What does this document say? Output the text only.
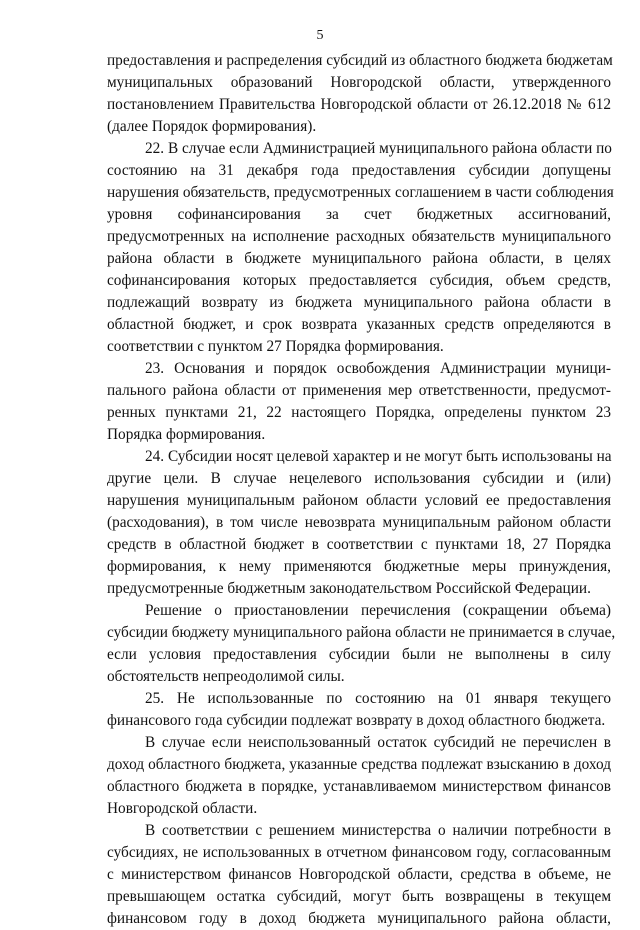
5
предоставления и распределения субсидий из областного бюджета бюджетам
муниципальных образований Новгородской области, утвержденного
постановлением Правительства Новгородской области от 26.12.2018 № 612
(далее Порядок формирования).
22. В случае если Администрацией муниципального района области по
состоянию на 31 декабря года предоставления субсидии допущены
нарушения обязательств, предусмотренных соглашением в части соблюдения
уровня софинансирования за счет бюджетных ассигнований,
предусмотренных на исполнение расходных обязательств муниципального
района области в бюджете муниципального района области, в целях
софинансирования которых предоставляется субсидия, объем средств,
подлежащий возврату из бюджета муниципального района области в
областной бюджет, и срок возврата указанных средств определяются в
соответствии с пунктом 27 Порядка формирования.
23. Основания и порядок освобождения Администрации муници-
пального района области от применения мер ответственности, предусмот-
ренных пунктами 21, 22 настоящего Порядка, определены пунктом 23
Порядка формирования.
24. Субсидии носят целевой характер и не могут быть использованы на
другие цели. В случае нецелевого использования субсидии и (или)
нарушения муниципальным районом области условий ее предоставления
(расходования), в том числе невозврата муниципальным районом области
средств в областной бюджет в соответствии с пунктами 18, 27 Порядка
формирования, к нему применяются бюджетные меры принуждения,
предусмотренные бюджетным законодательством Российской Федерации.
Решение о приостановлении перечисления (сокращении объема)
субсидии бюджету муниципального района области не принимается в случае,
если условия предоставления субсидии были не выполнены в силу
обстоятельств непреодолимой силы.
25. Не использованные по состоянию на 01 января текущего
финансового года субсидии подлежат возврату в доход областного бюджета.
В случае если неиспользованный остаток субсидий не перечислен в
доход областного бюджета, указанные средства подлежат взысканию в доход
областного бюджета в порядке, устанавливаемом министерством финансов
Новгородской области.
В соответствии с решением министерства о наличии потребности в
субсидиях, не использованных в отчетном финансовом году, согласованным
с министерством финансов Новгородской области, средства в объеме, не
превышающем остатка субсидий, могут быть возвращены в текущем
финансовом году в доход бюджета муниципального района области,
